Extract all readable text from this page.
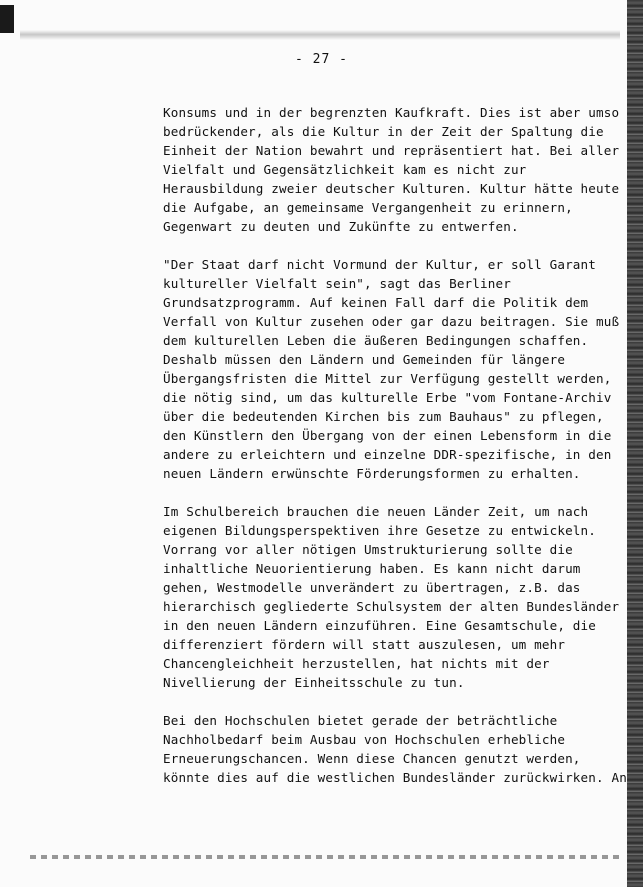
- 27 -
Konsums und in der begrenzten Kaufkraft. Dies ist aber umso
bedrückender, als die Kultur in der Zeit der Spaltung die
Einheit der Nation bewahrt und repräsentiert hat. Bei aller
Vielfalt und Gegensätzlichkeit kam es nicht zur
Herausbildung zweier deutscher Kulturen. Kultur hätte heute
die Aufgabe, an gemeinsame Vergangenheit zu erinnern,
Gegenwart zu deuten und Zukünfte zu entwerfen.
"Der Staat darf nicht Vormund der Kultur, er soll Garant
kultureller Vielfalt sein", sagt das Berliner
Grundsatzprogramm. Auf keinen Fall darf die Politik dem
Verfall von Kultur zusehen oder gar dazu beitragen. Sie muß
dem kulturellen Leben die äußeren Bedingungen schaffen.
Deshalb müssen den Ländern und Gemeinden für längere
Übergangsfristen die Mittel zur Verfügung gestellt werden,
die nötig sind, um das kulturelle Erbe "vom Fontane-Archiv
über die bedeutenden Kirchen bis zum Bauhaus" zu pflegen,
den Künstlern den Übergang von der einen Lebensform in die
andere zu erleichtern und einzelne DDR-spezifische, in den
neuen Ländern erwünschte Förderungsformen zu erhalten.
Im Schulbereich brauchen die neuen Länder Zeit, um nach
eigenen Bildungsperspektiven ihre Gesetze zu entwickeln.
Vorrang vor aller nötigen Umstrukturierung sollte die
inhaltliche Neuorientierung haben. Es kann nicht darum
gehen, Westmodelle unverändert zu übertragen, z.B. das
hierarchisch gegliederte Schulsystem der alten Bundesländer
in den neuen Ländern einzuführen. Eine Gesamtschule, die
differenziert fördern will statt auszulesen, um mehr
Chancengleichheit herzustellen, hat nichts mit der
Nivellierung der Einheitsschule zu tun.
Bei den Hochschulen bietet gerade der beträchtliche
Nachholbedarf beim Ausbau von Hochschulen erhebliche
Erneuerungschancen. Wenn diese Chancen genutzt werden,
könnte dies auf die westlichen Bundesländer zurückwirken. An
